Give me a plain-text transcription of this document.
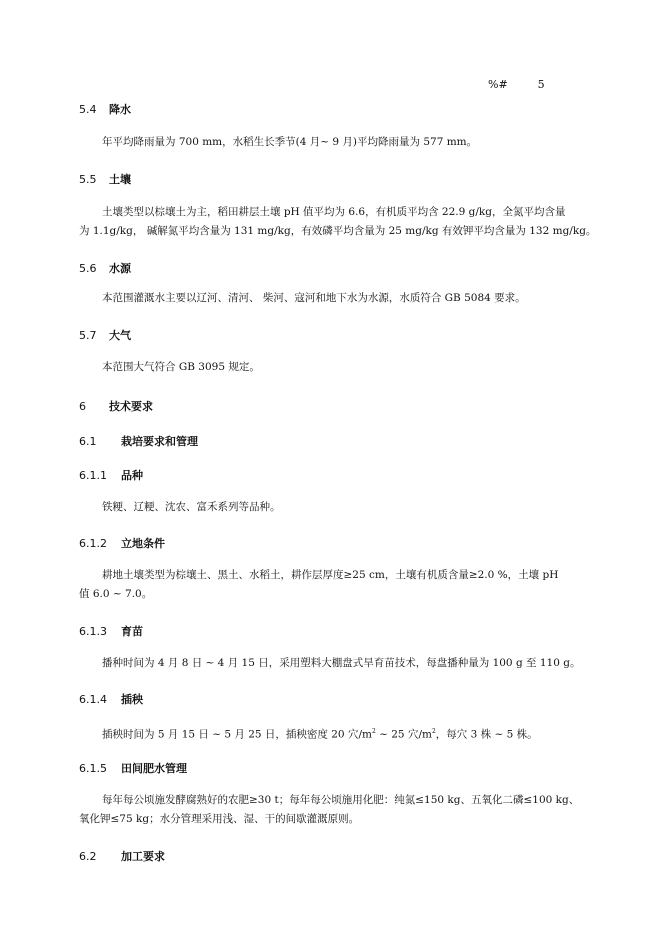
%#	5
5.4 降水
年平均降雨量为 700 mm，水稻生长季节(4 月~ 9 月)平均降雨量为 577 mm。
5.5 土壤
土壤类型以棕壤土为主，稻田耕层土壤 pH 值平均为 6.6，有机质平均含 22.9 g/kg，全氮平均含量
为 1.1g/kg， 碱解氮平均含量为 131 mg/kg，有效磷平均含量为 25 mg/kg 有效钾平均含量为 132 mg/kg。
5.6 水源
本范围灌溉水主要以辽河、清河、 柴河、寇河和地下水为水源，水质符合 GB 5084 要求。
5.7 大气
本范围大气符合 GB 3095 规定。
6 技术要求
6.1 栽培要求和管理
6.1.1 品种
铁粳、辽粳、沈农、富禾系列等品种。
6.1.2 立地条件
耕地土壤类型为棕壤土、黑土、水稻土，耕作层厚度≥25 cm，土壤有机质含量≥2.0 %，土壤 pH
值 6.0 ~ 7.0。
6.1.3 育苗
播种时间为 4 月 8 日 ~ 4 月 15 日，采用塑料大棚盘式旱育苗技术，每盘播种量为 100 g 至 110 g。
6.1.4 插秧
插秧时间为 5 月 15 日 ~ 5 月 25 日，插秧密度 20 穴$/m^2$ ~ 25 穴$/m^2$，每穴 3 株 ~ 5 株。
6.1.5 田间肥水管理
每年每公顷施发酵腐熟好的农肥≥30 t；每年每公顷施用化肥：纯氮≤150 kg、五氧化二磷≤100 kg、
氧化钾≤75 kg；水分管理采用浅、湿、干的间歇灌溉原则。
6.2 加工要求
